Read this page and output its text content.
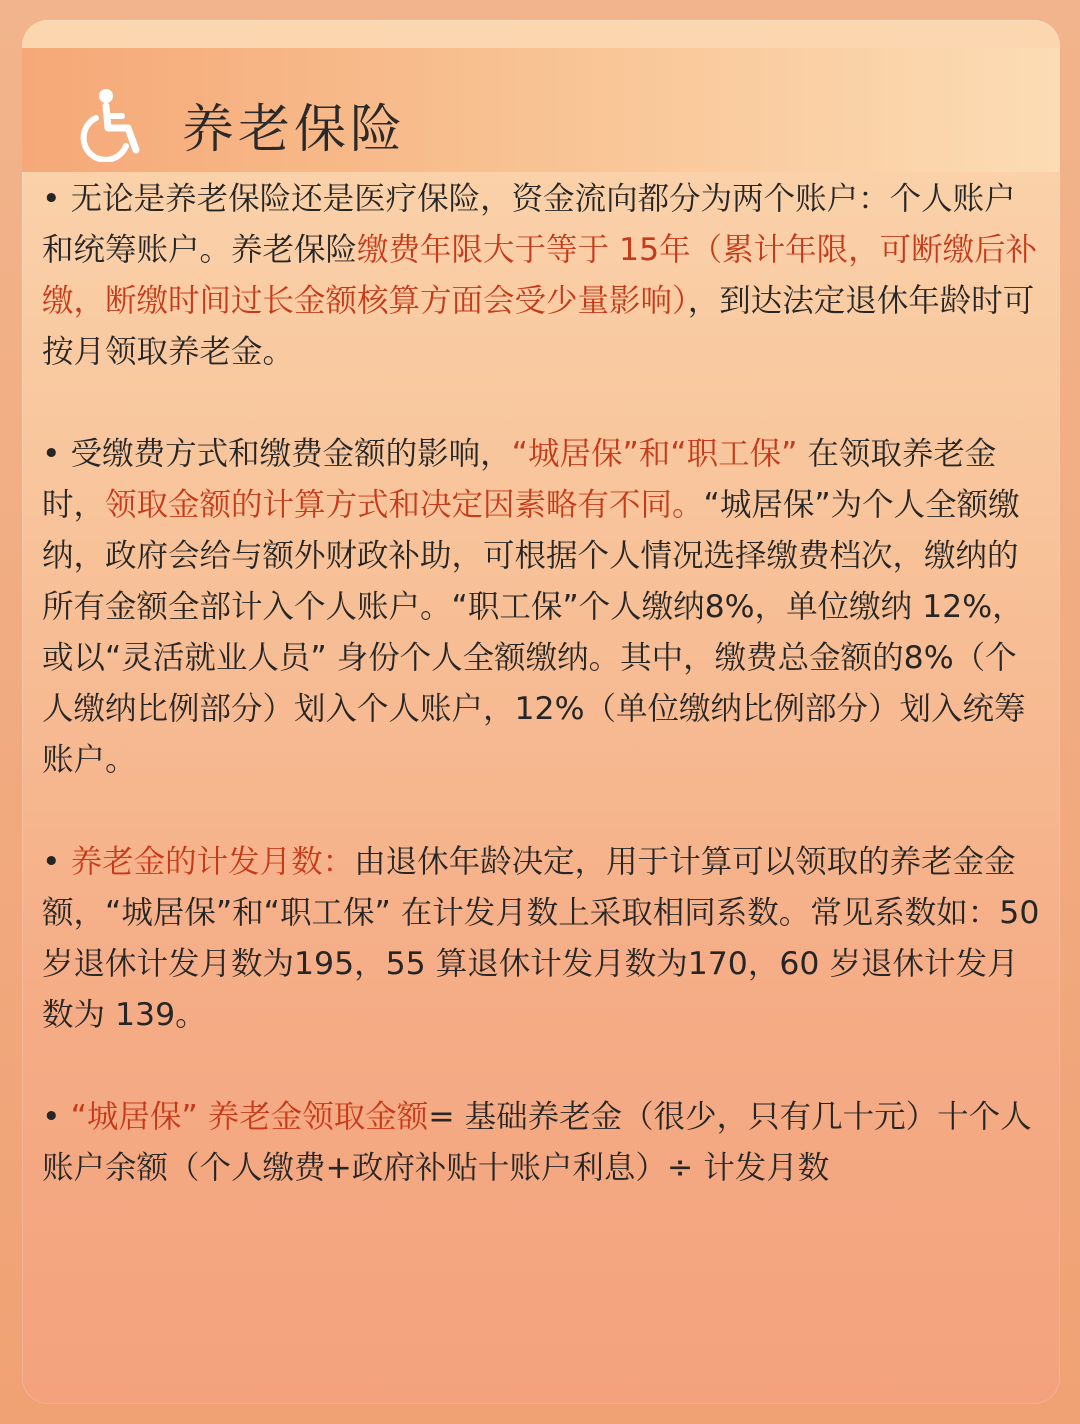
养老保险

• 无论是养老保险还是医疗保险，资金流向都分为两个账户：个人账户和统筹账户。养老保险缴费年限大于等于 15年（累计年限，可断缴后补缴，断缴时间过长金额核算方面会受少量影响），到达法定退休年龄时可按月领取养老金。

• 受缴费方式和缴费金额的影响，“城居保”和“职工保” 在领取养老金时，领取金额的计算方式和决定因素略有不同。“城居保”为个人全额缴纳，政府会给与额外财政补助，可根据个人情况选择缴费档次，缴纳的所有金额全部计入个人账户。“职工保”个人缴纳8%，单位缴纳 12%，或以“灵活就业人员” 身份个人全额缴纳。其中，缴费总金额的8%（个人缴纳比例部分）划入个人账户，12%（单位缴纳比例部分）划入统筹账户。

• 养老金的计发月数：由退休年龄决定，用于计算可以领取的养老金金额，“城居保”和“职工保” 在计发月数上采取相同系数。常见系数如：50 岁退休计发月数为195，55 算退休计发月数为170，60 岁退休计发月数为 139。

• “城居保” 养老金领取金额= 基础养老金（很少，只有几十元）十个人账户余额（个人缴费+政府补贴十账户利息）÷ 计发月数
